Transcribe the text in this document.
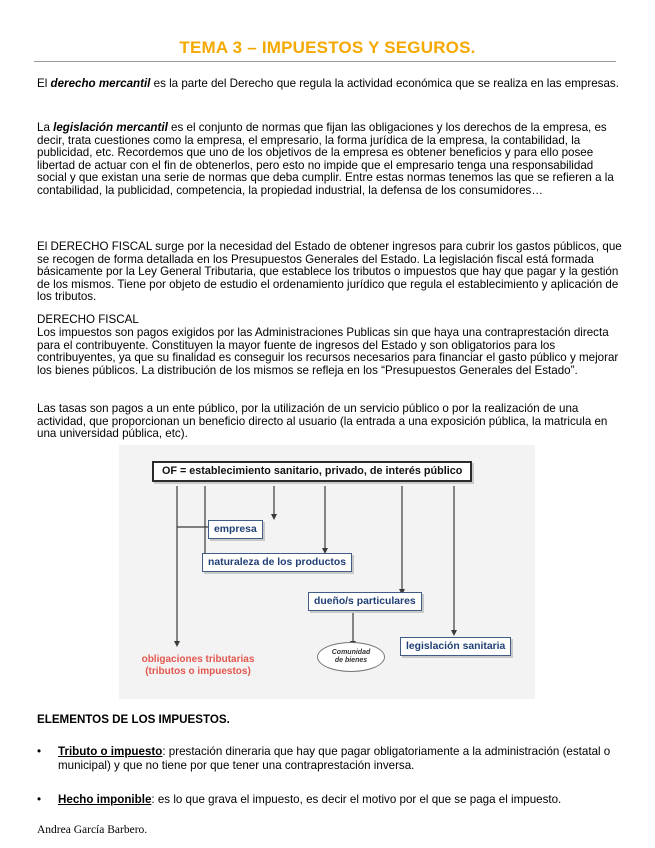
TEMA 3 – IMPUESTOS Y SEGUROS.

El derecho mercantil es la parte del Derecho que regula la actividad económica que se realiza en las empresas.

La legislación mercantil es el conjunto de normas que fijan las obligaciones y los derechos de la empresa, es decir, trata cuestiones como la empresa, el empresario, la forma jurídica de la empresa, la contabilidad, la publicidad, etc. Recordemos que uno de los objetivos de la empresa es obtener beneficios y para ello posee libertad de actuar con el fin de obtenerlos, pero esto no impide que el empresario tenga una responsabilidad social y que existan una serie de normas que deba cumplir. Entre estas normas tenemos las que se refieren a la contabilidad, la publicidad, competencia, la propiedad industrial, la defensa de los consumidores…

El DERECHO FISCAL surge por la necesidad del Estado de obtener ingresos para cubrir los gastos públicos, que se recogen de forma detallada en los Presupuestos Generales del Estado. La legislación fiscal está formada básicamente por la Ley General Tributaria, que establece los tributos o impuestos que hay que pagar y la gestión de los mismos. Tiene por objeto de estudio el ordenamiento jurídico que regula el establecimiento y aplicación de los tributos.

DERECHO FISCAL

Los impuestos son pagos exigidos por las Administraciones Publicas sin que haya una contraprestación directa para el contribuyente. Constituyen la mayor fuente de ingresos del Estado y son obligatorios para los contribuyentes, ya que su finalidad es conseguir los recursos necesarios para financiar el gasto público y mejorar los bienes públicos. La distribución de los mismos se refleja en los “Presupuestos Generales del Estado”.

Las tasas son pagos a un ente público, por la utilización de un servicio público o por la realización de una actividad, que proporcionan un beneficio directo al usuario (la entrada a una exposición pública, la matricula en una universidad pública, etc).

OF = establecimiento sanitario, privado, de interés público
empresa
naturaleza de los productos
dueño/s particulares
legislación sanitaria
Comunidad
de bienes
obligaciones tributarias
(tributos o impuestos)
ELEMENTOS DE LOS IMPUESTOS.
• Tributo o impuesto: prestación dineraria que hay que pagar obligatoriamente a la administración (estatal o municipal) y que no tiene por que tener una contraprestación inversa.
• Hecho imponible: es lo que grava el impuesto, es decir el motivo por el que se paga el impuesto.
Andrea García Barbero.
